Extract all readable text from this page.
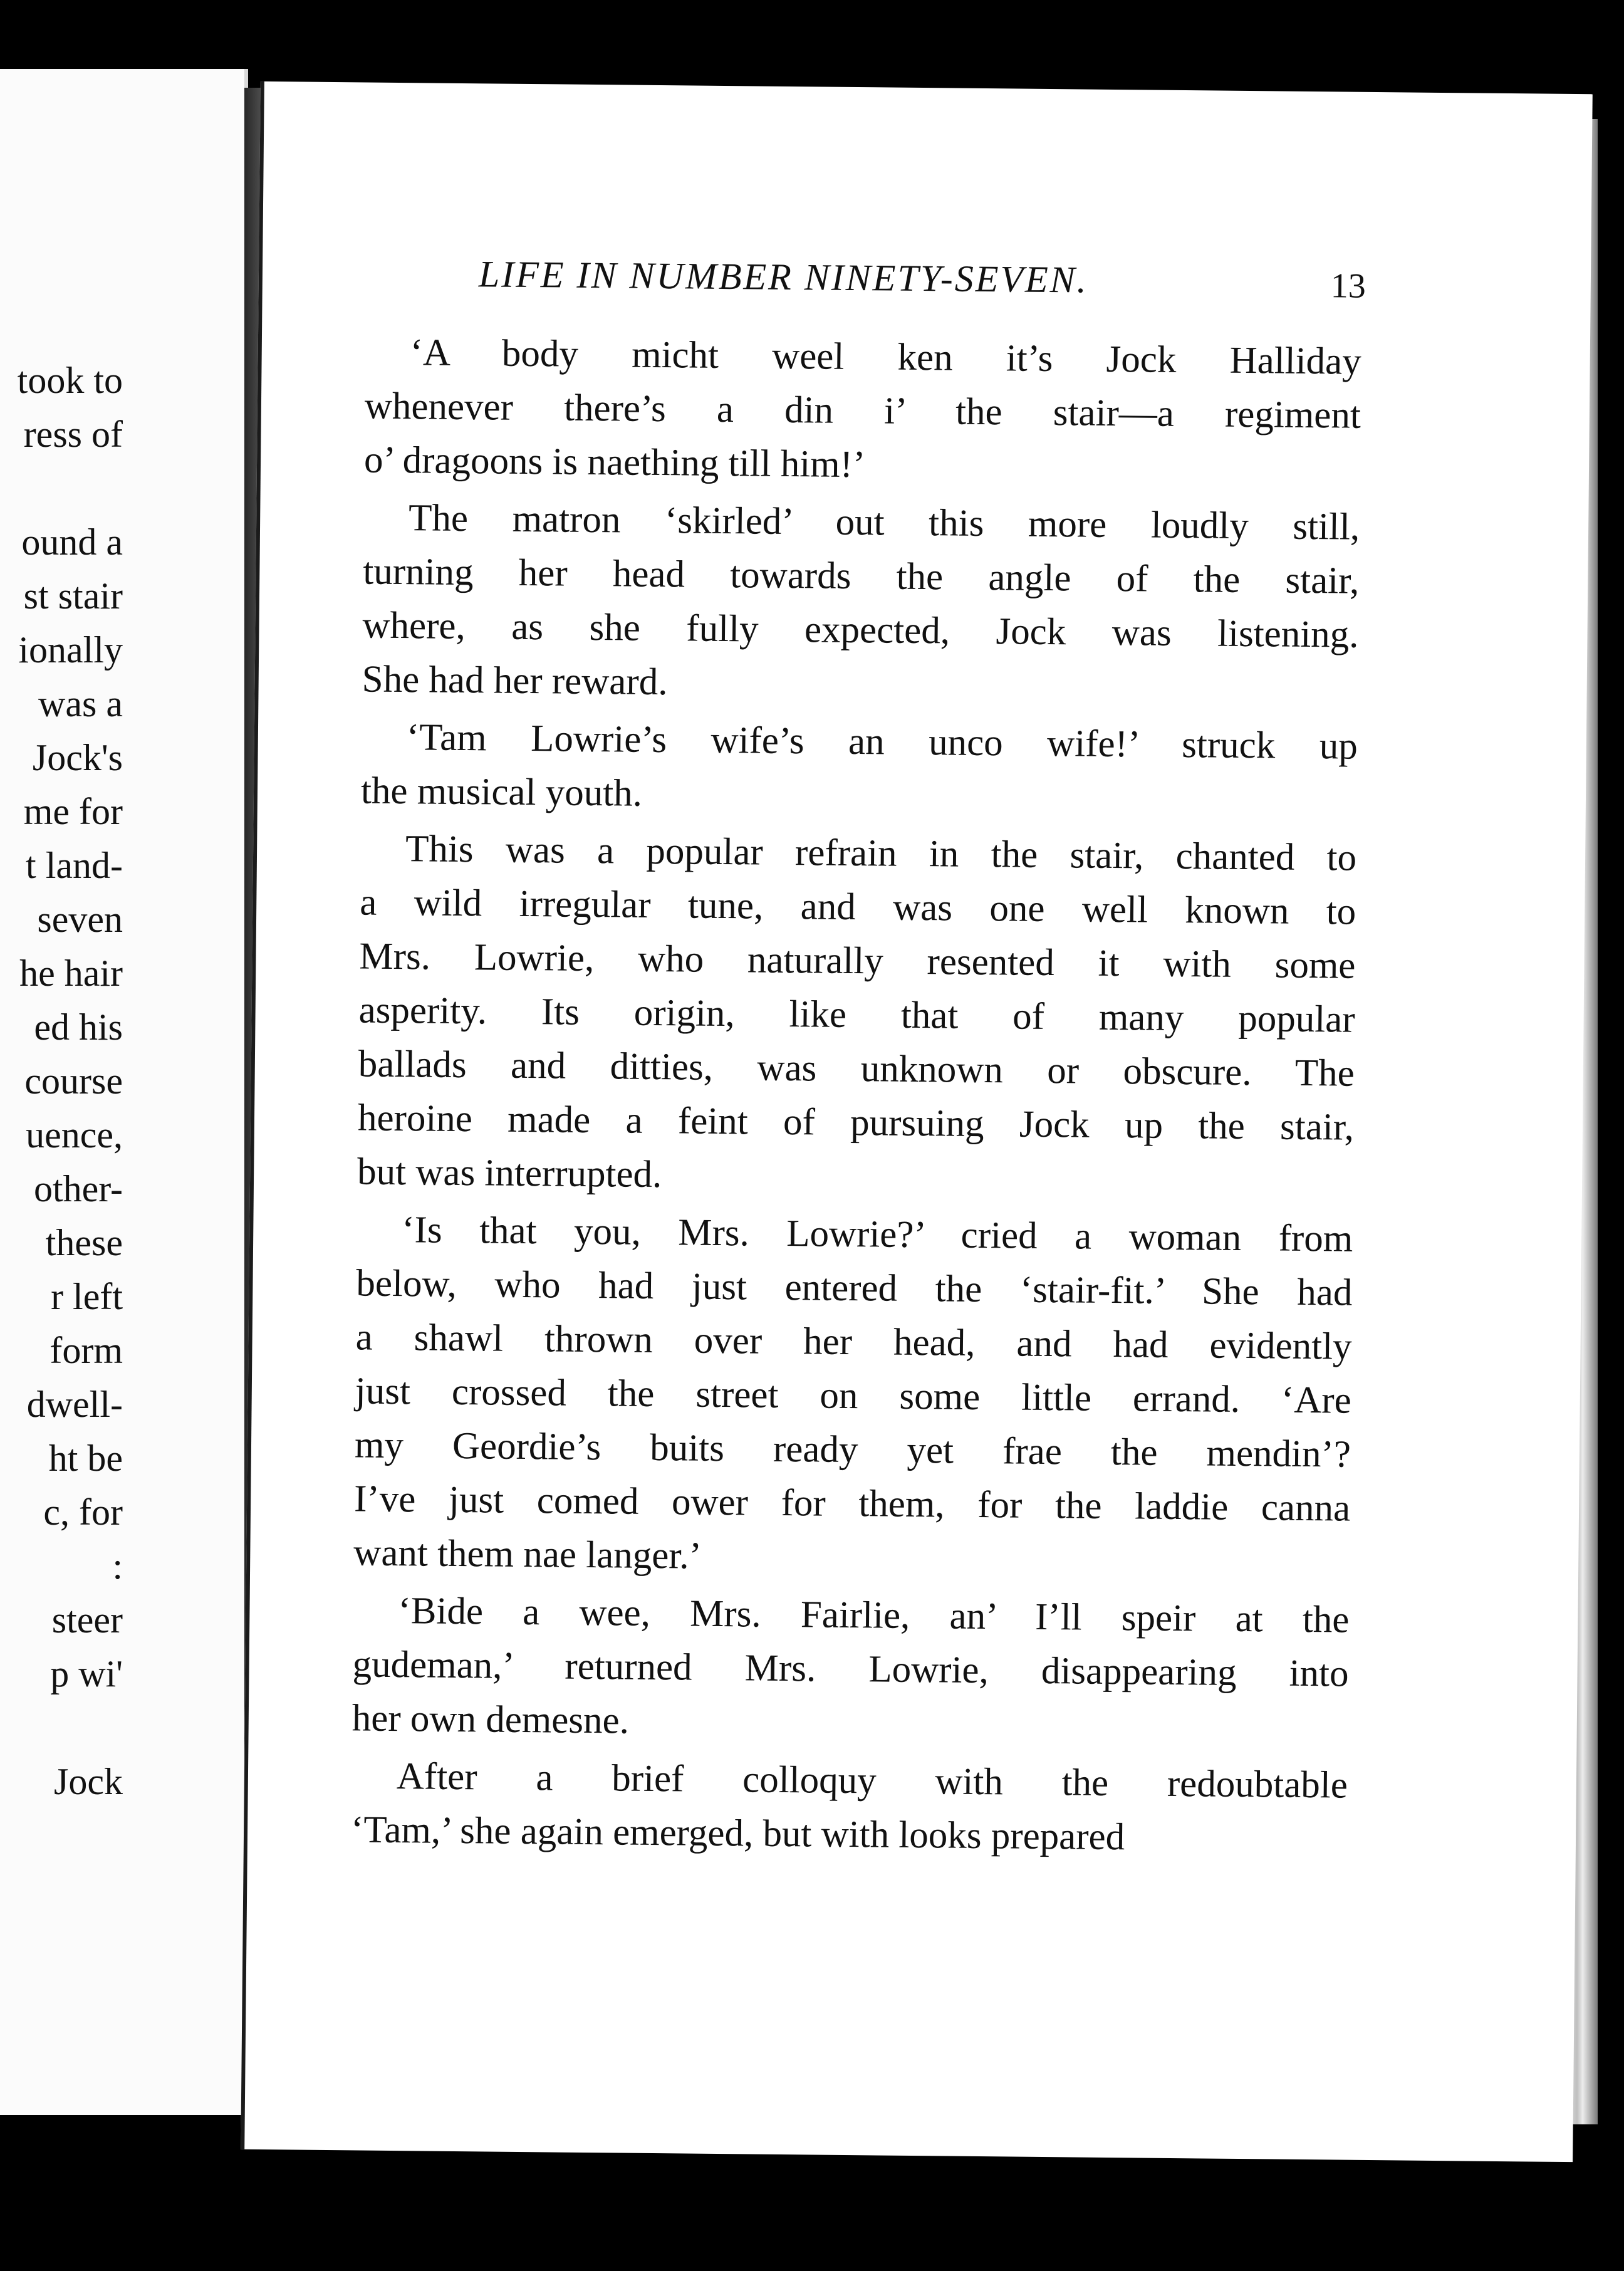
took to
ress of
ound a
st stair
ionally
was a
Jock's
me for
t land-
seven
he hair
ed his
course
uence,
other-
these
r left
form
dwell-
ht be
c, for
:
steer
p wi'
Jock
LIFE IN NUMBER NINETY-SEVEN.	13
‘A body micht weel ken it’s Jock Halliday
whenever there’s a din i’ the stair—a regiment
o’ dragoons is naething till him!’
The matron ‘skirled’ out this more loudly still,
turning her head towards the angle of the stair,
where, as she fully expected, Jock was listening.
She had her reward.
‘Tam Lowrie’s wife’s an unco wife!’ struck up
the musical youth.
This was a popular refrain in the stair, chanted to
a wild irregular tune, and was one well known to
Mrs. Lowrie, who naturally resented it with some
asperity. Its origin, like that of many popular
ballads and ditties, was unknown or obscure. The
heroine made a feint of pursuing Jock up the stair,
but was interrupted.
‘Is that you, Mrs. Lowrie?’ cried a woman from
below, who had just entered the ‘stair-fit.’ She had
a shawl thrown over her head, and had evidently
just crossed the street on some little errand. ‘Are
my Geordie’s buits ready yet frae the mendin’?
I’ve just comed ower for them, for the laddie canna
want them nae langer.’
‘Bide a wee, Mrs. Fairlie, an’ I’ll speir at the
gudeman,’ returned Mrs. Lowrie, disappearing into
her own demesne.
After a brief colloquy with the redoubtable
‘Tam,’ she again emerged, but with looks prepared
